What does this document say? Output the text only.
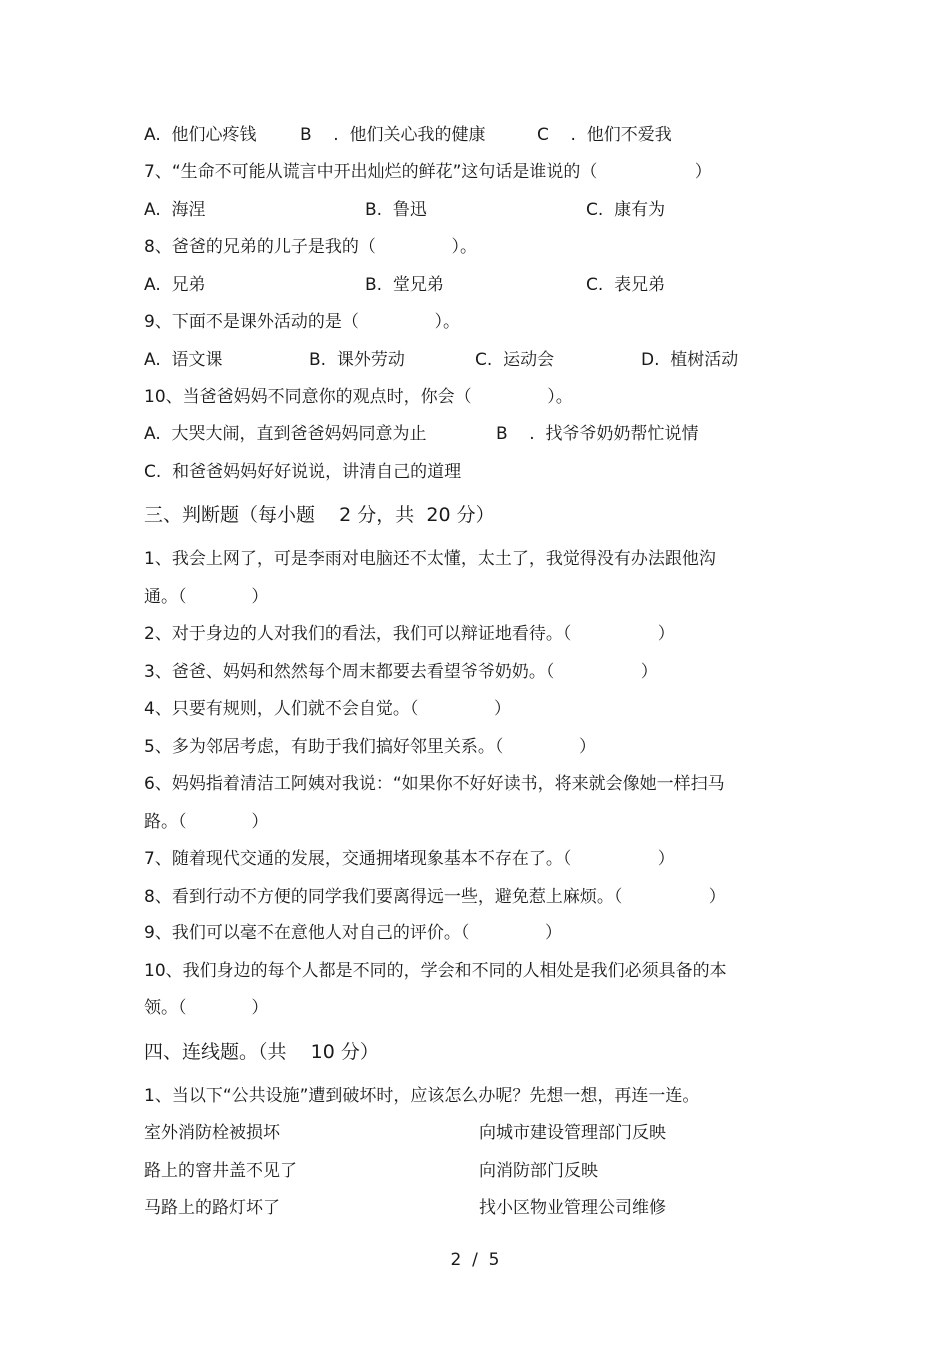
A.  他们心疼钱	B    .  他们关心我的健康	C    .  他们不爱我

7、“生命不可能从谎言中开出灿烂的鲜花”这句话是谁说的（                  ）

A.  海涅	B.  鲁迅	C.  康有为

8、爸爸的兄弟的儿子是我的（              ）。

A.  兄弟	B.  堂兄弟	C.  表兄弟

9、下面不是课外活动的是（              ）。

A.  语文课	B.  课外劳动	C.  运动会	D.  植树活动

10、当爸爸妈妈不同意你的观点时，你会（              ）。

A.  大哭大闹，直到爸爸妈妈同意为止	B    .  找爷爷奶奶帮忙说情

C.  和爸爸妈妈好好说说，讲清自己的道理

三、判断题（每小题    2 分，共  20 分）

1、我会上网了，可是李雨对电脑还不太懂，太土了，我觉得没有办法跟他沟

通。（            ）

2、对于身边的人对我们的看法，我们可以辩证地看待。（                ）

3、爸爸、妈妈和然然每个周末都要去看望爷爷奶奶。（                ）

4、只要有规则，人们就不会自觉。（              ）

5、多为邻居考虑，有助于我们搞好邻里关系。（              ）

6、妈妈指着清洁工阿姨对我说：“如果你不好好读书，将来就会像她一样扫马

路。（            ）

7、随着现代交通的发展，交通拥堵现象基本不存在了。（                ）

8、看到行动不方便的同学我们要离得远一些，避免惹上麻烦。（                ）

9、我们可以毫不在意他人对自己的评价。（              ）

10、我们身边的每个人都是不同的，学会和不同的人相处是我们必须具备的本

领。（            ）

四、连线题。（共    10 分）

1、当以下“公共设施”遭到破坏时，应该怎么办呢？先想一想，再连一连。

室外消防栓被损坏	向城市建设管理部门反映

路上的窨井盖不见了	向消防部门反映

马路上的路灯坏了	找小区物业管理公司维修

2  /  5
